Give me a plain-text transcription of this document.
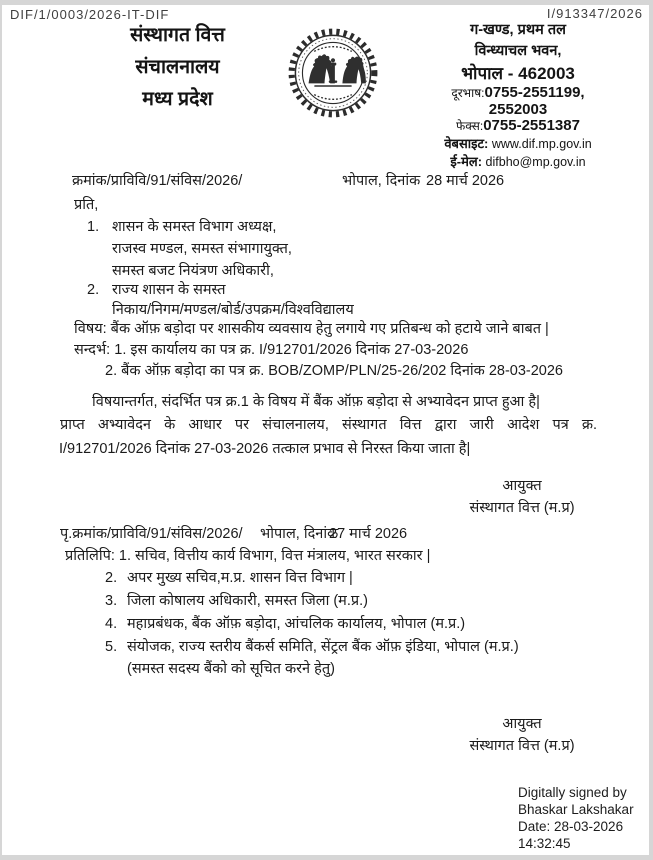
DIF/1/0003/2026-IT-DIF	I/913347/2026
संस्थागत वित्त
संचालनालय
मध्य प्रदेश
ग-खण्ड, प्रथम तल
विन्ध्याचल भवन,
भोपाल - 462003
दूरभाष:0755-2551199,
2552003
फेक्स:0755-2551387
वेबसाइट: www.dif.mp.gov.in
ई-मेल: difbho@mp.gov.in
क्रमांक/प्राविवि/91/संविस/2026/	भोपाल, दिनांक 28 मार्च 2026
प्रति,
1. शासन के समस्त विभाग अध्यक्ष,
राजस्व मण्डल, समस्त संभागायुक्त,
समस्त बजट नियंत्रण अधिकारी,
2. राज्य शासन के समस्त
निकाय/निगम/मण्डल/बोर्ड/उपक्रम/विश्वविद्यालय
विषय: बैंक ऑफ़ बड़ोदा पर शासकीय व्यवसाय हेतु लगाये गए प्रतिबन्ध को हटाये जाने बाबत |
सन्दर्भ: 1. इस कार्यालय का पत्र क्र. I/912701/2026 दिनांक 27-03-2026
2. बैंक ऑफ़ बड़ोदा का पत्र क्र. BOB/ZOMP/PLN/25-26/202 दिनांक 28-03-2026
विषयान्तर्गत, संदर्भित पत्र क्र.1 के विषय में बैंक ऑफ़ बड़ोदा से अभ्यावेदन प्राप्त हुआ है|
प्राप्त अभ्यावेदन के आधार पर संचालनालय, संस्थागत वित्त द्वारा जारी आदेश पत्र क्र.
I/912701/2026 दिनांक 27-03-2026 तत्काल प्रभाव से निरस्त किया जाता है|
आयुक्त
संस्थागत वित्त (म.प्र)
पृ.क्रमांक/प्राविवि/91/संविस/2026/ भोपाल, दिनांक
27 मार्च 2026
प्रतिलिपि: 1. सचिव, वित्तीय कार्य विभाग, वित्त मंत्रालय, भारत सरकार |
2. अपर मुख्य सचिव,म.प्र. शासन वित्त विभाग |
3. जिला कोषालय अधिकारी, समस्त जिला (म.प्र.)
4. महाप्रबंधक, बैंक ऑफ़ बड़ोदा, आंचलिक कार्यालय, भोपाल (म.प्र.)
5. संयोजक, राज्य स्तरीय बैंकर्स समिति, सेंट्रल बैंक ऑफ़ इंडिया, भोपाल (म.प्र.)
(समस्त सदस्य बैंको को सूचित करने हेतु)
आयुक्त
संस्थागत वित्त (म.प्र)
Digitally signed by
Bhaskar Lakshakar
Date: 28-03-2026
14:32:45
